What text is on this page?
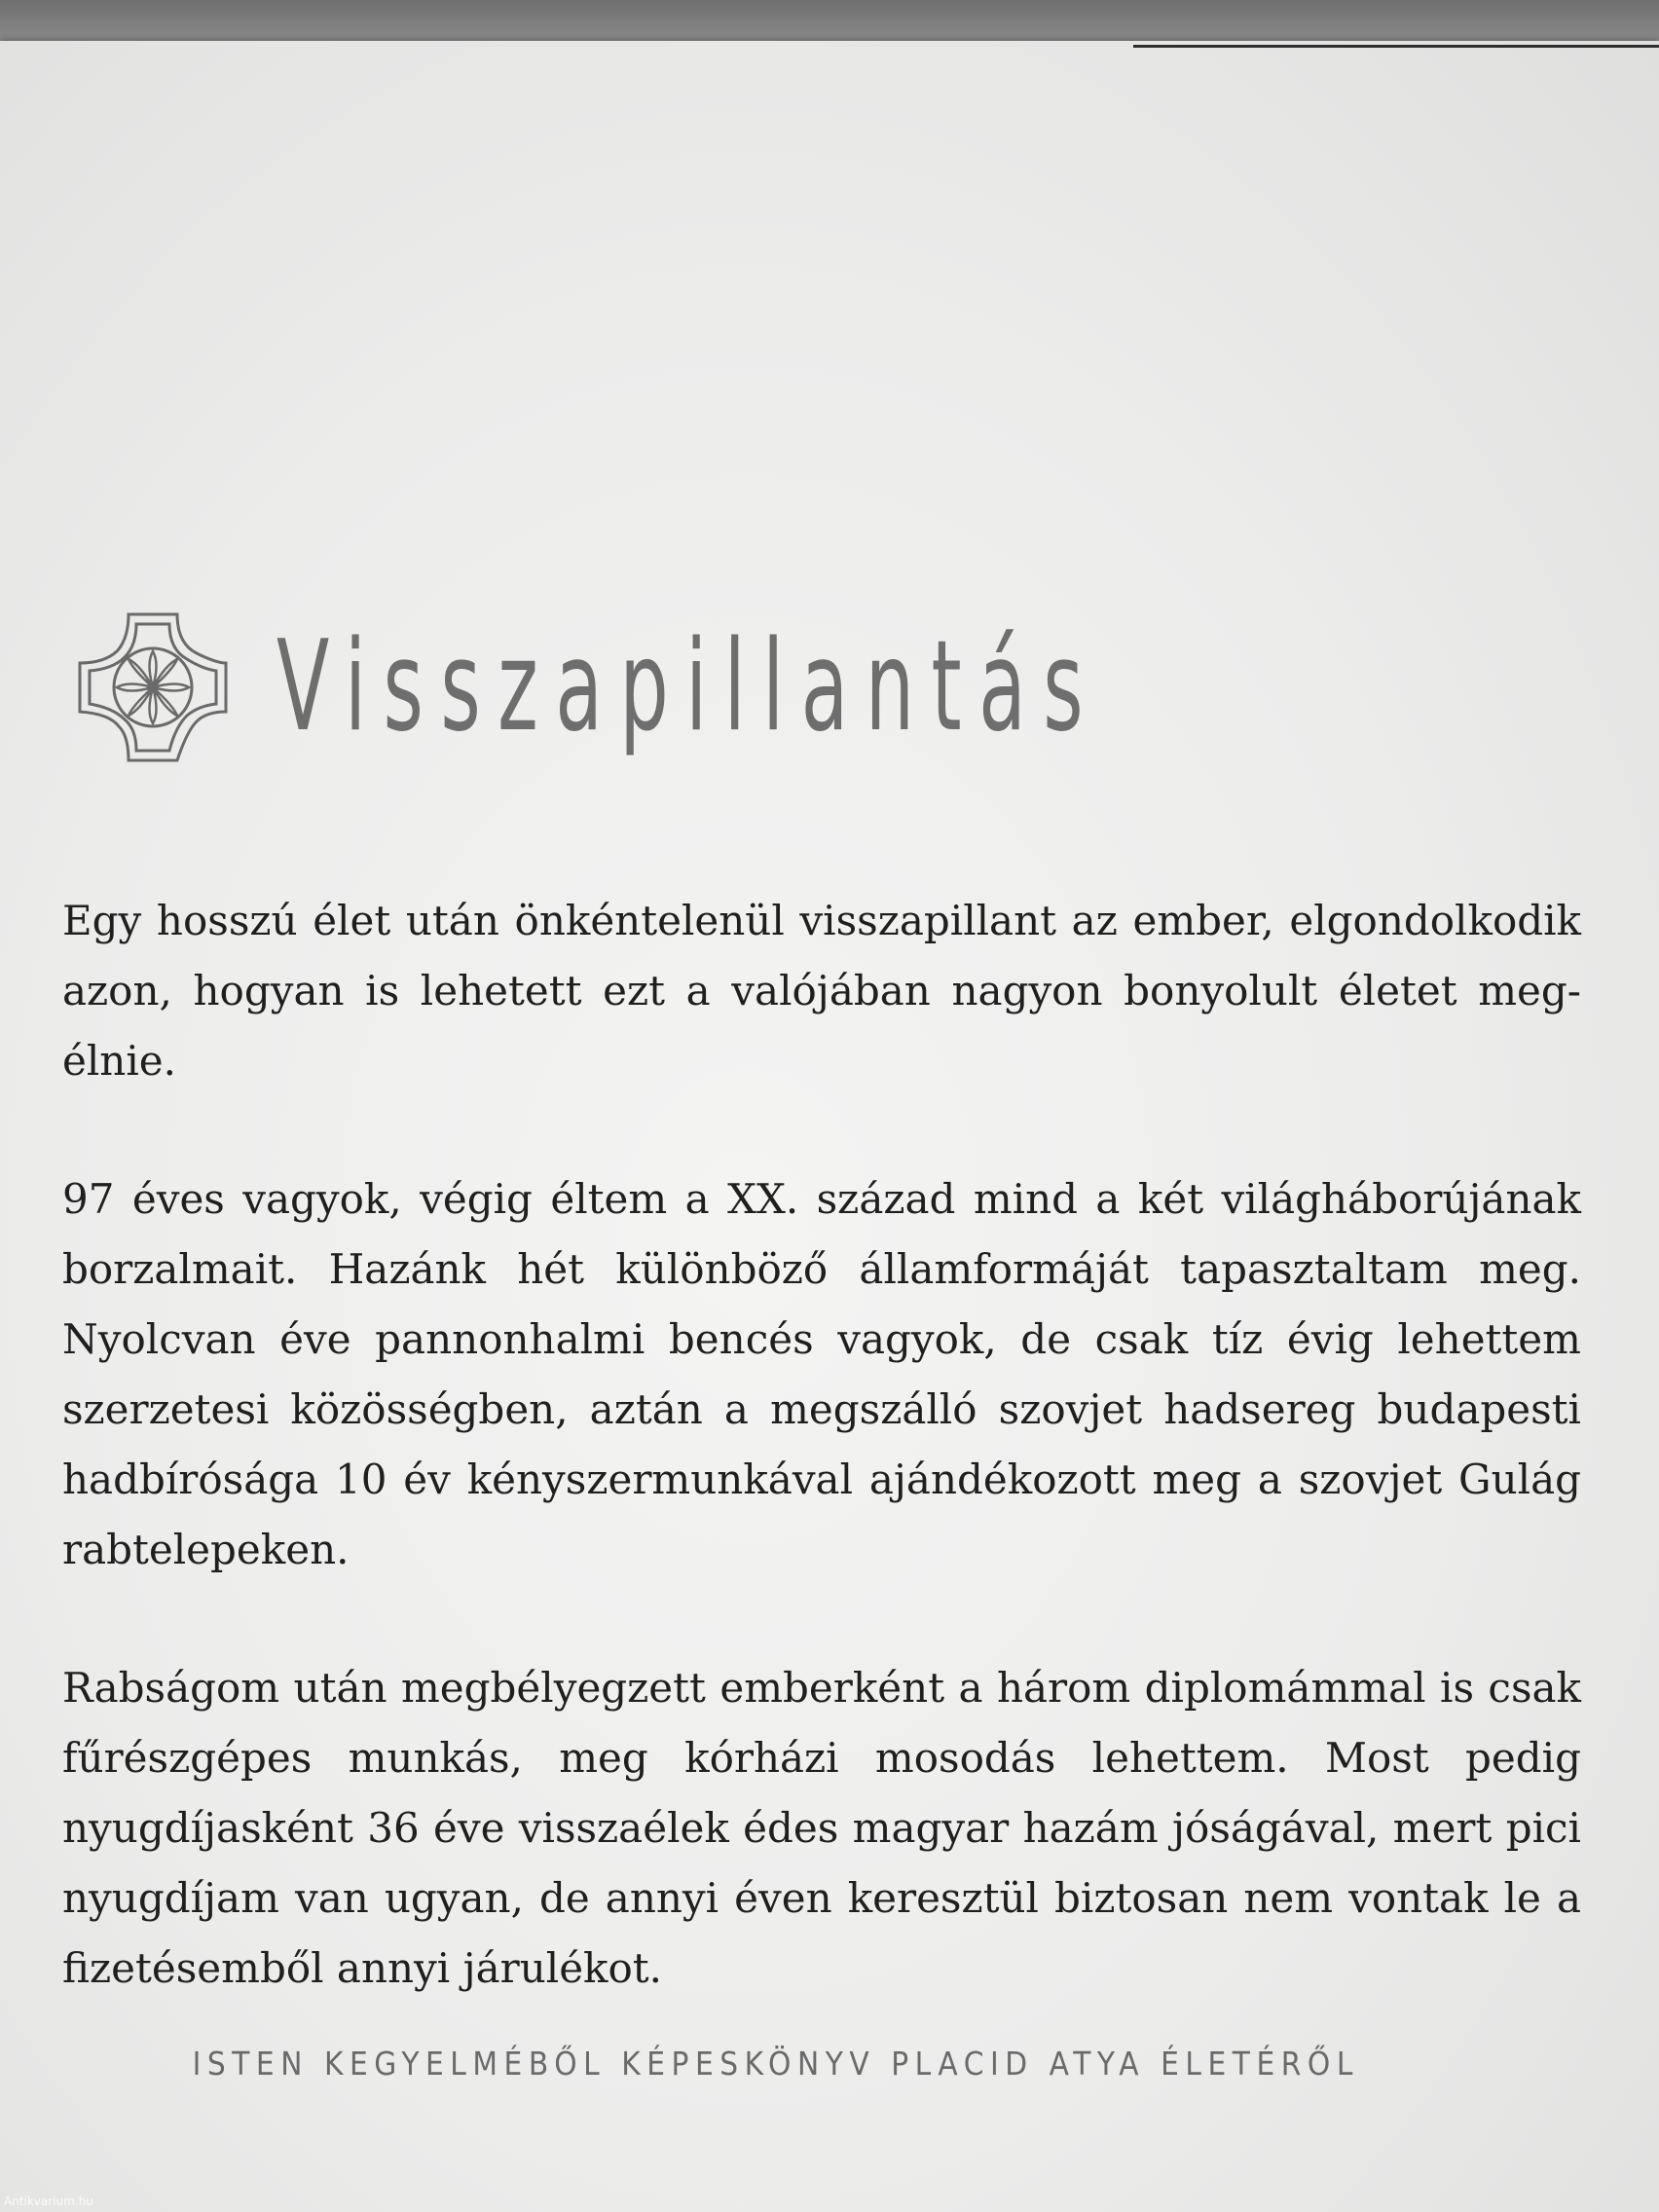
Visszapillantás

Egy hosszú élet után önkéntelenül visszapillant az ember, elgondolkodik azon, hogyan is lehetett ezt a valójában nagyon bonyolult életet megélnie.

97 éves vagyok, végig éltem a XX. század mind a két világháborújának borzalmait. Hazánk hét különböző államformáját tapasztaltam meg. Nyolcvan éve pannonhalmi bencés vagyok, de csak tíz évig lehettem szerzetesi közösségben, aztán a megszálló szovjet hadsereg budapesti hadbírósága 10 év kényszermunkával ajándékozott meg a szovjet Gulág rabtelepeken.

Rabságom után megbélyegzett emberként a három diplomámmal is csak fűrészgépes munkás, meg kórházi mosodás lehettem. Most pedig nyugdíjasként 36 éve visszaélek édes magyar hazám jóságával, mert pici nyugdíjam van ugyan, de annyi éven keresztül biztosan nem vontak le a fizetésemből annyi járulékot.

ISTEN KEGYELMÉBŐL KÉPESKÖNYV PLACID ATYA ÉLETÉRŐL
Antikvarium.hu
